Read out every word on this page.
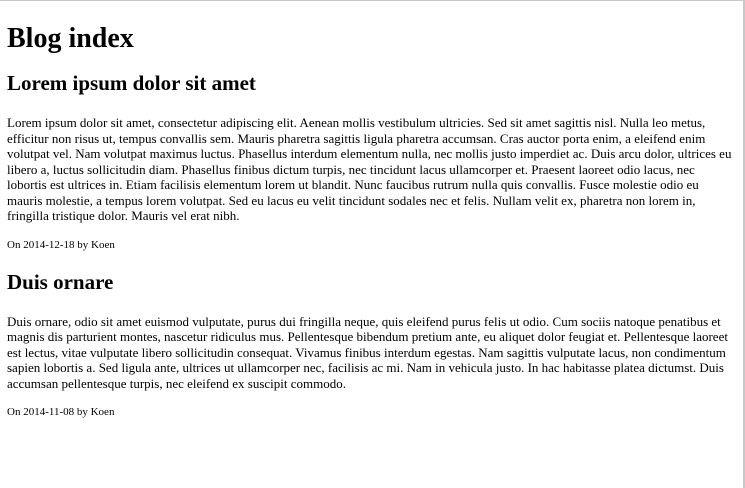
Blog index
Lorem ipsum dolor sit amet

Lorem ipsum dolor sit amet, consectetur adipiscing elit. Aenean mollis vestibulum ultricies. Sed sit amet sagittis nisl. Nulla leo metus, efficitur non risus ut, tempus convallis sem. Mauris pharetra sagittis ligula pharetra accumsan. Cras auctor porta enim, a eleifend enim volutpat vel. Nam volutpat maximus luctus. Phasellus interdum elementum nulla, nec mollis justo imperdiet ac. Duis arcu dolor, ultrices eu libero a, luctus sollicitudin diam. Phasellus finibus dictum turpis, nec tincidunt lacus ullamcorper et. Praesent laoreet odio lacus, nec lobortis est ultrices in. Etiam facilisis elementum lorem ut blandit. Nunc faucibus rutrum nulla quis convallis. Fusce molestie odio eu mauris molestie, a tempus lorem volutpat. Sed eu lacus eu velit tincidunt sodales nec et felis. Nullam velit ex, pharetra non lorem in, fringilla tristique dolor. Mauris vel erat nibh.

On 2014-12-18 by Koen

Duis ornare

Duis ornare, odio sit amet euismod vulputate, purus dui fringilla neque, quis eleifend purus felis ut odio. Cum sociis natoque penatibus et magnis dis parturient montes, nascetur ridiculus mus. Pellentesque bibendum pretium ante, eu aliquet dolor feugiat et. Pellentesque laoreet est lectus, vitae vulputate libero sollicitudin consequat. Vivamus finibus interdum egestas. Nam sagittis vulputate lacus, non condimentum sapien lobortis a. Sed ligula ante, ultrices ut ullamcorper nec, facilisis ac mi. Nam in vehicula justo. In hac habitasse platea dictumst. Duis accumsan pellentesque turpis, nec eleifend ex suscipit commodo.

On 2014-11-08 by Koen
